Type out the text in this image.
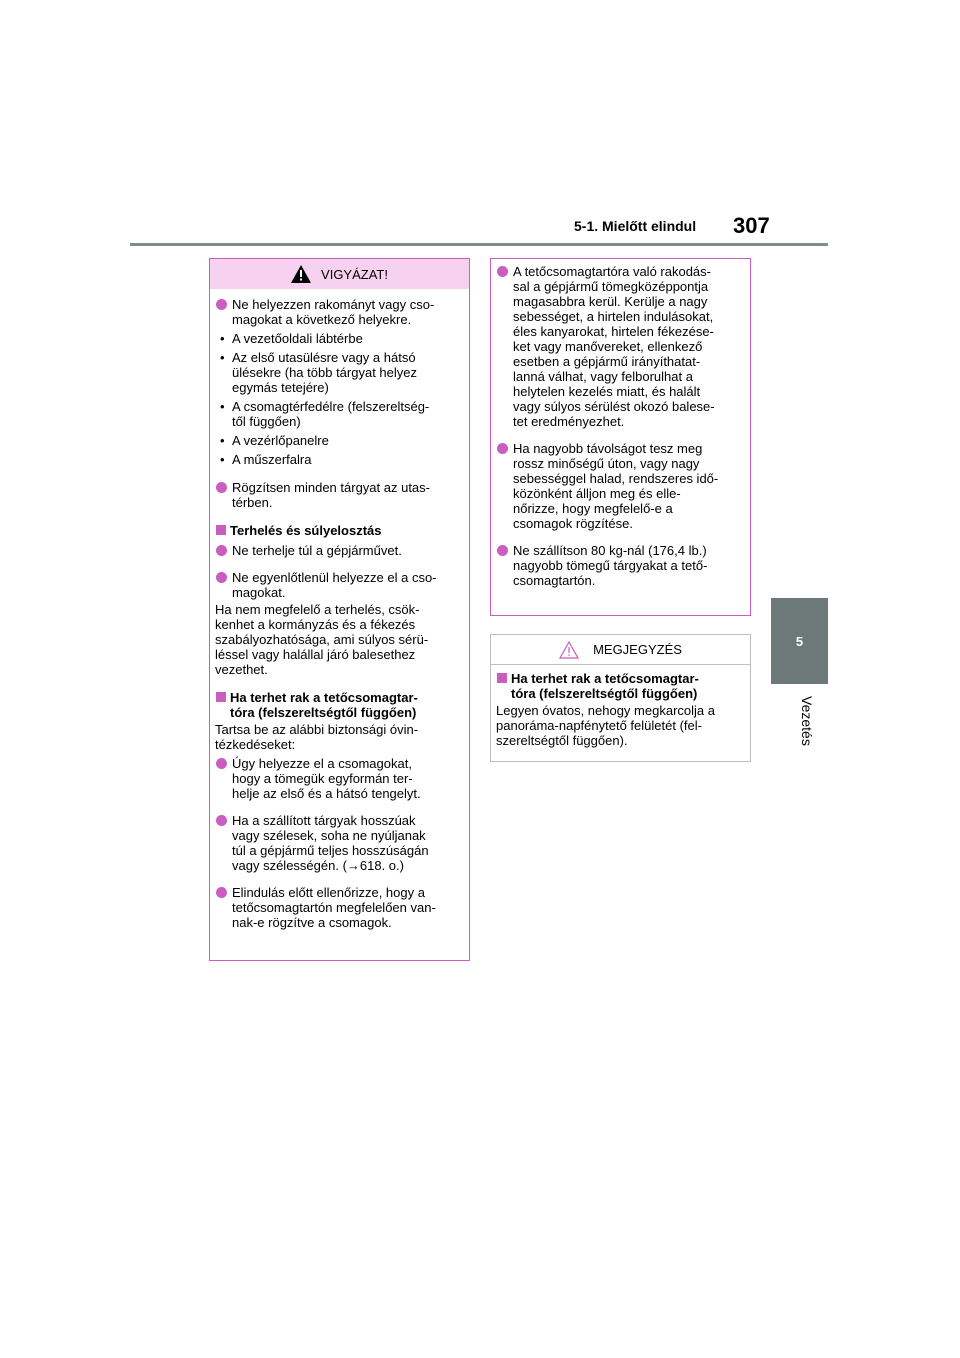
5-1. Mielőtt elindul 307
5
Vezetés
VIGYÁZAT!
Ne helyezzen rakományt vagy cso-
magokat a következő helyekre.
• A vezetőoldali lábtérbe
• Az első utasülésre vagy a hátsó
ülésekre (ha több tárgyat helyez
egymás tetejére)
• A csomagtérfedélre (felszereltség-
től függően)
• A vezérlőpanelre
• A műszerfalra
Rögzítsen minden tárgyat az utas-
térben.
Terhelés és súlyelosztás
Ne terhelje túl a gépjárművet.
Ne egyenlőtlenül helyezze el a cso-
magokat.
Ha nem megfelelő a terhelés, csök-
kenhet a kormányzás és a fékezés
szabályozhatósága, ami súlyos sérü-
léssel vagy halállal járó balesethez
vezethet.
Ha terhet rak a tetőcsomagtar-
tóra (felszereltségtől függően)
Tartsa be az alábbi biztonsági óvin-
tézkedéseket:
Úgy helyezze el a csomagokat,
hogy a tömegük egyformán ter-
helje az első és a hátsó tengelyt.
Ha a szállított tárgyak hosszúak
vagy szélesek, soha ne nyúljanak
túl a gépjármű teljes hosszúságán
vagy szélességén. (→618. o.)
Elindulás előtt ellenőrizze, hogy a
tetőcsomagtartón megfelelően van-
nak-e rögzítve a csomagok.
A tetőcsomagtartóra való rakodás-
sal a gépjármű tömegközéppontja
magasabbra kerül. Kerülje a nagy
sebességet, a hirtelen indulásokat,
éles kanyarokat, hirtelen fékezése-
ket vagy manővereket, ellenkező
esetben a gépjármű irányíthatat-
lanná válhat, vagy felborulhat a
helytelen kezelés miatt, és halált
vagy súlyos sérülést okozó balese-
tet eredményezhet.
Ha nagyobb távolságot tesz meg
rossz minőségű úton, vagy nagy
sebességgel halad, rendszeres idő-
közönként álljon meg és elle-
nőrizze, hogy megfelelő-e a
csomagok rögzítése.
Ne szállítson 80 kg-nál (176,4 lb.)
nagyobb tömegű tárgyakat a tető-
csomagtartón.
MEGJEGYZÉS
Ha terhet rak a tetőcsomagtar-
tóra (felszereltségtől függően)
Legyen óvatos, nehogy megkarcolja a
panoráma-napfénytető felületét (fel-
szereltségtől függően).
